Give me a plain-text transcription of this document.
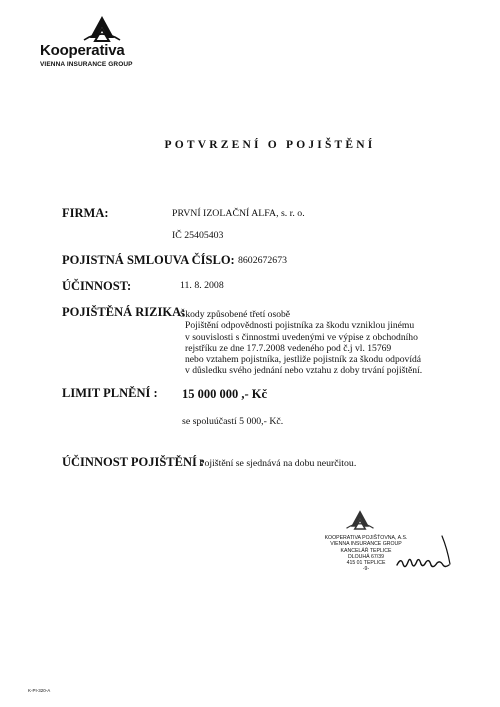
Kooperativa
VIENNA INSURANCE GROUP
POTVRZENÍ O POJIŠTĚNÍ
FIRMA:	PRVNÍ IZOLAČNÍ ALFA, s. r. o.
IČ 25405403
POJISTNÁ SMLOUVA ČÍSLO: 8602672673
ÚČINNOST:	11. 8. 2008
POJIŠTĚNÁ RIZIKA:
Škody způsobené třetí osobě
Pojištění odpovědnosti pojistníka za škodu vzniklou jinému
v souvislosti s činnostmi uvedenými ve výpise z obchodního
rejstříku ze dne 17.7.2008 vedeného pod č.j vl. 15769
nebo vztahem pojistníka, jestliže pojistník za škodu odpovídá
v důsledku svého jednání nebo vztahu z doby trvání pojištění.
LIMIT PLNĚNÍ : 15 000 000 ,- Kč
se spoluúčastí 5 000,- Kč.
ÚČINNOST POJIŠTĚNÍ :
Pojištění se sjednává na dobu neurčitou.
KOOPERATIVA POJIŠŤOVNA, A.S.
VIENNA INSURANCE GROUP
KANCELÁŘ TEPLICE
DLOUHÁ 67/39
415 01 TEPLICE
-9-
K-PI-320-A
